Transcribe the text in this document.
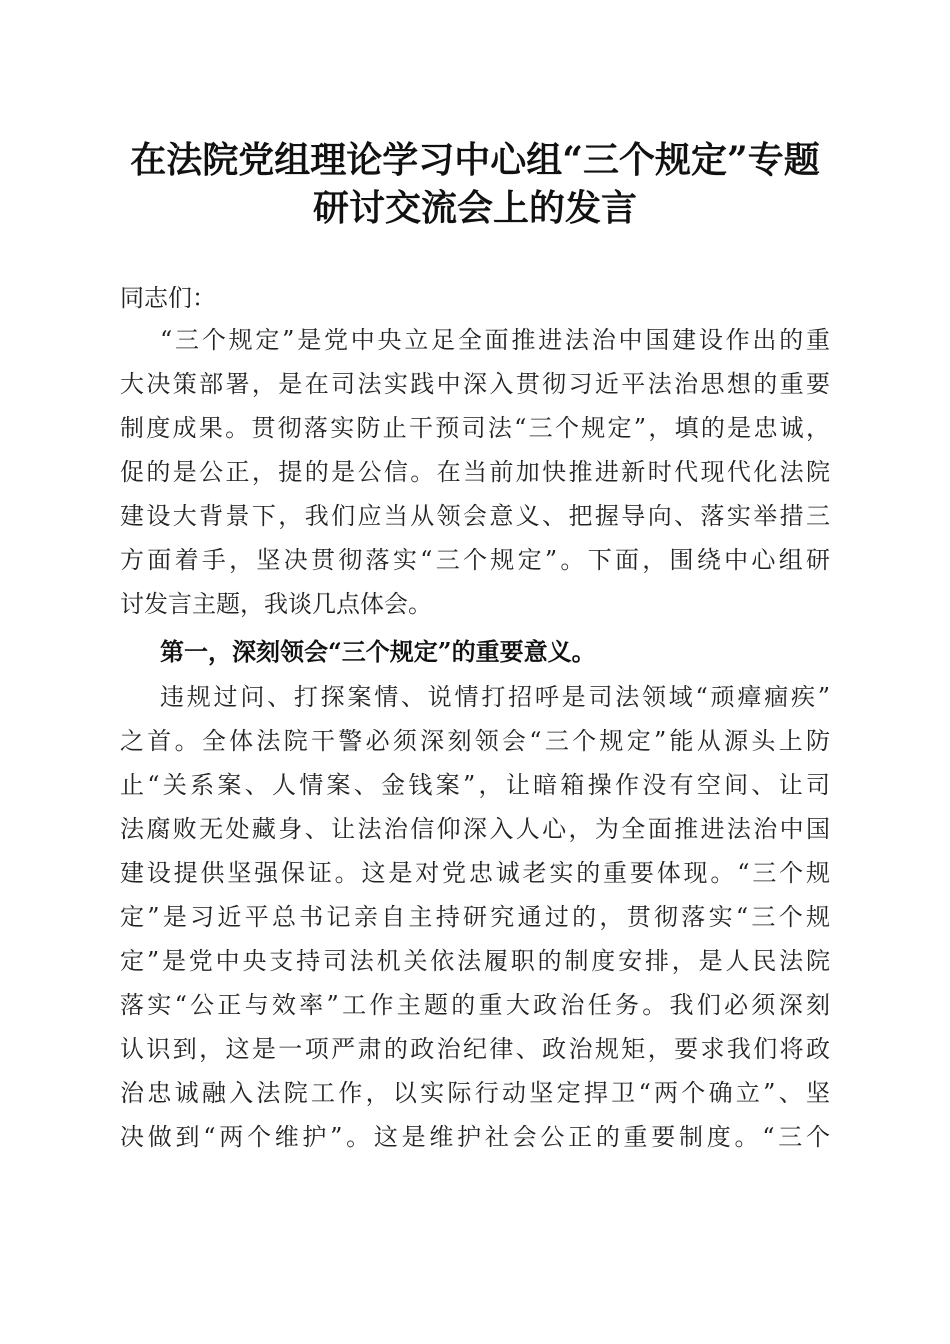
在法院党组理论学习中心组“三个规定”专题
研讨交流会上的发言
同志们：
“三个规定”是党中央立足全面推进法治中国建设作出的重
大决策部署，是在司法实践中深入贯彻习近平法治思想的重要
制度成果。贯彻落实防止干预司法“三个规定”，填的是忠诚，
促的是公正，提的是公信。在当前加快推进新时代现代化法院
建设大背景下，我们应当从领会意义、把握导向、落实举措三
方面着手，坚决贯彻落实“三个规定”。下面，围绕中心组研
讨发言主题，我谈几点体会。
第一，深刻领会“三个规定”的重要意义。
违规过问、打探案情、说情打招呼是司法领域“顽瘴痼疾”
之首。全体法院干警必须深刻领会“三个规定”能从源头上防
止“关系案、人情案、金钱案”，让暗箱操作没有空间、让司
法腐败无处藏身、让法治信仰深入人心，为全面推进法治中国
建设提供坚强保证。这是对党忠诚老实的重要体现。“三个规
定”是习近平总书记亲自主持研究通过的，贯彻落实“三个规
定”是党中央支持司法机关依法履职的制度安排，是人民法院
落实“公正与效率”工作主题的重大政治任务。我们必须深刻
认识到，这是一项严肃的政治纪律、政治规矩，要求我们将政
治忠诚融入法院工作，以实际行动坚定捍卫“两个确立”、坚
决做到“两个维护”。这是维护社会公正的重要制度。“三个
